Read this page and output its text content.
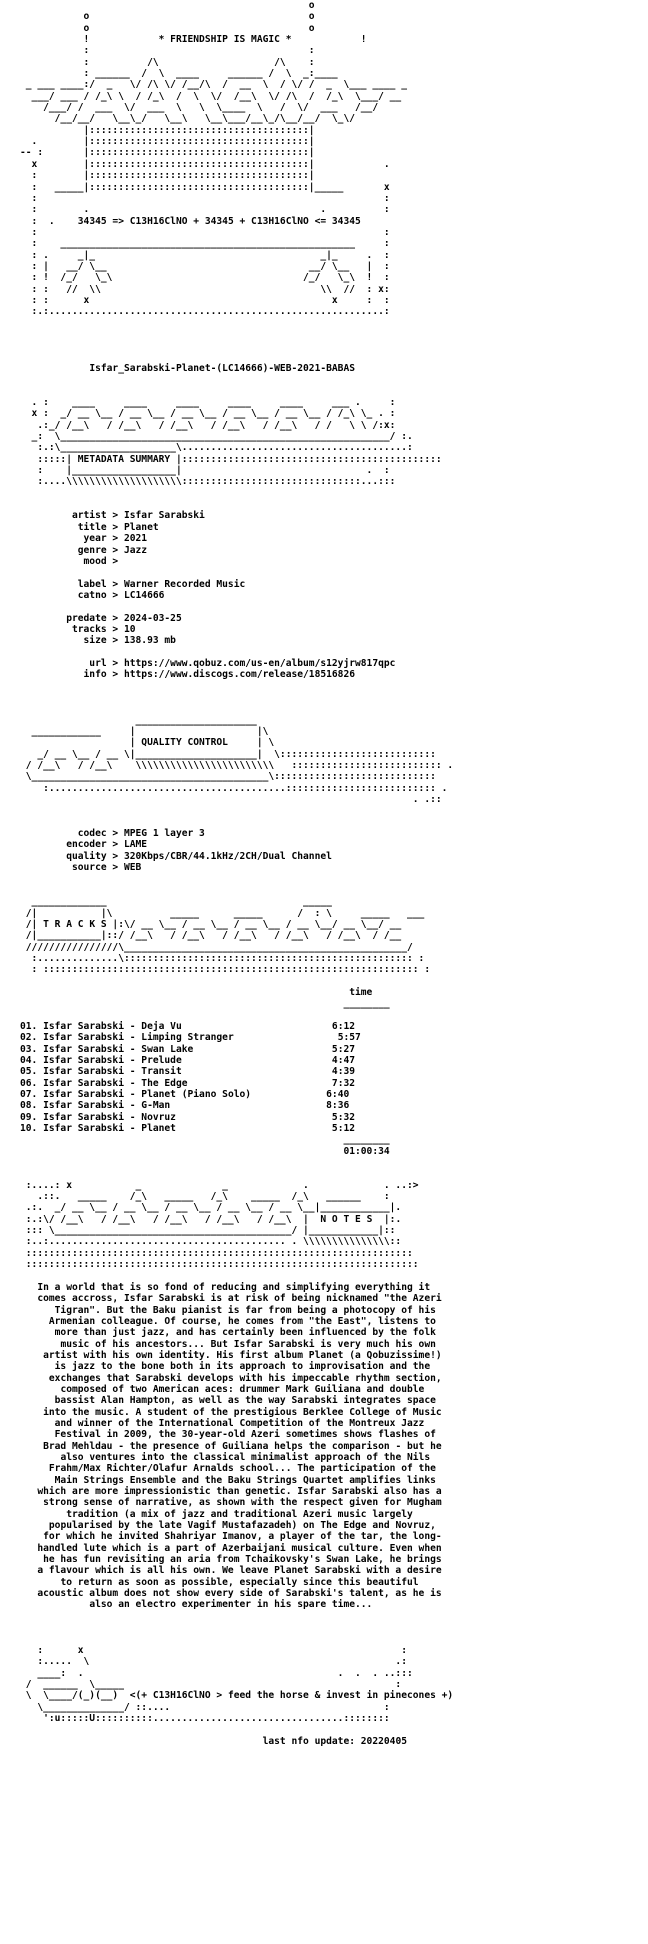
o
o                                      o
o                                      o
!            * FRIENDSHIP IS MAGIC *            !
:                                      :
:          /\                    /\    :
: ______  /  \  ____     ______ /  \  _:____
_ ___ ____:/  _   \/ /\ \/ /__/\  /  __  \  / \/ /  _  \___ ____ _
___/ ___ / /_\ \  / /_\  /  \  \/  /__\  \/ /\  /  /_\  \___/ __
/___/ /  ___  \/  ___  \   \  \____  \   /  \/  ___   /__/
/__/__/   \__\_/   \__\   \__\___/__\_/\__/__/  \_\/
|::::::::::::::::::::::::::::::::::::::|
.        |::::::::::::::::::::::::::::::::::::::|
-- :       |::::::::::::::::::::::::::::::::::::::|
x        |::::::::::::::::::::::::::::::::::::::|            .
:        |::::::::::::::::::::::::::::::::::::::|
:   _____|::::::::::::::::::::::::::::::::::::::|_____       x
:                                                            :
:        .                                        .          :
:  .    34345 => C13H16ClNO + 34345 + C13H16ClNO <= 34345
:                                                            :
:    ___________________________________________________     :
: .     _|_                                       _|_     .  :
: |   __/ \__                                   __/ \__   |  :
: !  /_/   \_\                                 /_/   \_\  !  :
: :   //  \\                                      \\  //  : x:
: :      x                                          x     :  :
:.:..........................................................:

Isfar_Sarabski-Planet-(LC14666)-WEB-2021-BABAS

. :    ____     ____     ____     ____     ____     ___ .     :
x :  _/ __ \__ / __ \__ / __ \__ / __ \__ / __ \__ / /_\ \_ . :
.:_/ /__\   / /__\   / /__\   / /__\   / /__\   / /   \ \ /:x:
_:  \_________________________________________________________/ :.
:.:\____________________\.......................................:
:::::| METADATA SUMMARY |:::::::::::::::::::::::::::::::::::::::::::::
:    |__________________|                                .  :
:....\\\\\\\\\\\\\\\\\\\\:::::::::::::::::::::::::::::::...:::

artist > Isfar Sarabski
title > Planet
year > 2021
genre > Jazz
mood >

label > Warner Recorded Music
catno > LC14666

predate > 2024-03-25
tracks > 10
size > 138.93 mb

url > https://www.qobuz.com/us-en/album/s12yjrw817qpc
info > https://www.discogs.com/release/18516826

_____________________
____________     |                     |\
| QUALITY CONTROL     | \
_/ __ \__ / __ \|_____________________|  \:::::::::::::::::::::::::::
/ /__\   / /__\    \\\\\\\\\\\\\\\\\\\\\\\\   :::::::::::::::::::::::::: .
\_________________________________________\::::::::::::::::::::::::::::
:.........................................:::::::::::::::::::::::::: .
. .::

codec > MPEG 1 layer 3
encoder > LAME
quality > 320Kbps/CBR/44.1kHz/2CH/Dual Channel
source > WEB

_____________                                  _____
/|           |\          _____      _____      /  : \     _____   ___
/| T R A C K S |:\/ __ \__ / __ \__ / __ \__ / __ \__/ __ \__/ __
/|___________|::/ /__\   / /__\   / /__\   / /__\   / /__\  / /__
////////////////\_________________________________________________/
:..............\:::::::::::::::::::::::::::::::::::::::::::::::::: :
: ::::::::::::::::::::::::::::::::::::::::::::::::::::::::::::::::: :

time
________

01. Isfar Sarabski - Deja Vu	6:12
02. Isfar Sarabski - Limping Stranger	5:57
03. Isfar Sarabski - Swan Lake	5:27
04. Isfar Sarabski - Prelude	4:47
05. Isfar Sarabski - Transit	4:39
06. Isfar Sarabski - The Edge	7:32
07. Isfar Sarabski - Planet (Piano Solo)	6:40
08. Isfar Sarabski - G-Man	8:36
09. Isfar Sarabski - Novruz	5:32
10. Isfar Sarabski - Planet	5:12
________
01:00:34

:....: x           _              _             .             . ..:>
.::.   _____    /_\   _____   /_\    _____  /_\   ______    :
.:.  _/ __ \__ / __ \__ / __ \__ / __ \__ / __ \__|____________|.
:.:\/ /__\   / /__\   / /__\   / /__\   / /__\  |  N O T E S  |:.
::: \_________________________________________/ |____________|::
:..:......................................... . \\\\\\\\\\\\\\\::
:::::::::::::::::::::::::::::::::::::::::::::::::::::::::::::::::::
::::::::::::::::::::::::::::::::::::::::::::::::::::::::::::::::::::

In a world that is so fond of reducing and simplifying everything it
comes accross, Isfar Sarabski is at risk of being nicknamed "the Azeri
Tigran". But the Baku pianist is far from being a photocopy of his
Armenian colleague. Of course, he comes from "the East", listens to
more than just jazz, and has certainly been influenced by the folk
music of his ancestors... But Isfar Sarabski is very much his own
artist with his own identity. His first album Planet (a Qobuzissime!)
is jazz to the bone both in its approach to improvisation and the
exchanges that Sarabski develops with his impeccable rhythm section,
composed of two American aces: drummer Mark Guiliana and double
bassist Alan Hampton, as well as the way Sarabski integrates space
into the music. A student of the prestigious Berklee College of Music
and winner of the International Competition of the Montreux Jazz
Festival in 2009, the 30-year-old Azeri sometimes shows flashes of
Brad Mehldau - the presence of Guiliana helps the comparison - but he
also ventures into the classical minimalist approach of the Nils
Frahm/Max Richter/Olafur Arnalds school... The participation of the
Main Strings Ensemble and the Baku Strings Quartet amplifies links
which are more impressionistic than genetic. Isfar Sarabski also has a
strong sense of narrative, as shown with the respect given for Mugham
tradition (a mix of jazz and traditional Azeri music largely
popularised by the late Vagif Mustafazadeh) on The Edge and Novruz,
for which he invited Shahriyar Imanov, a player of the tar, the long-
handled lute which is a part of Azerbaijani musical culture. Even when
he has fun revisiting an aria from Tchaikovsky's Swan Lake, he brings
a flavour which is all his own. We leave Planet Sarabski with a desire
to return as soon as possible, especially since this beautiful
acoustic album does not show every side of Sarabski's talent, as he is
also an electro experimenter in his spare time...

:      x                                                       :
:.....  \                                                     .:
____:  .                                            .  .  . ..:::
/  ______  \_____                                               :
\  \____/(_)(__)  <(+ C13H16ClNO > feed the horse & invest in pinecones +)
\______________/ ::....                                     :
':u:::::U::::::::::.................................::::::::

last nfo update: 20220405
